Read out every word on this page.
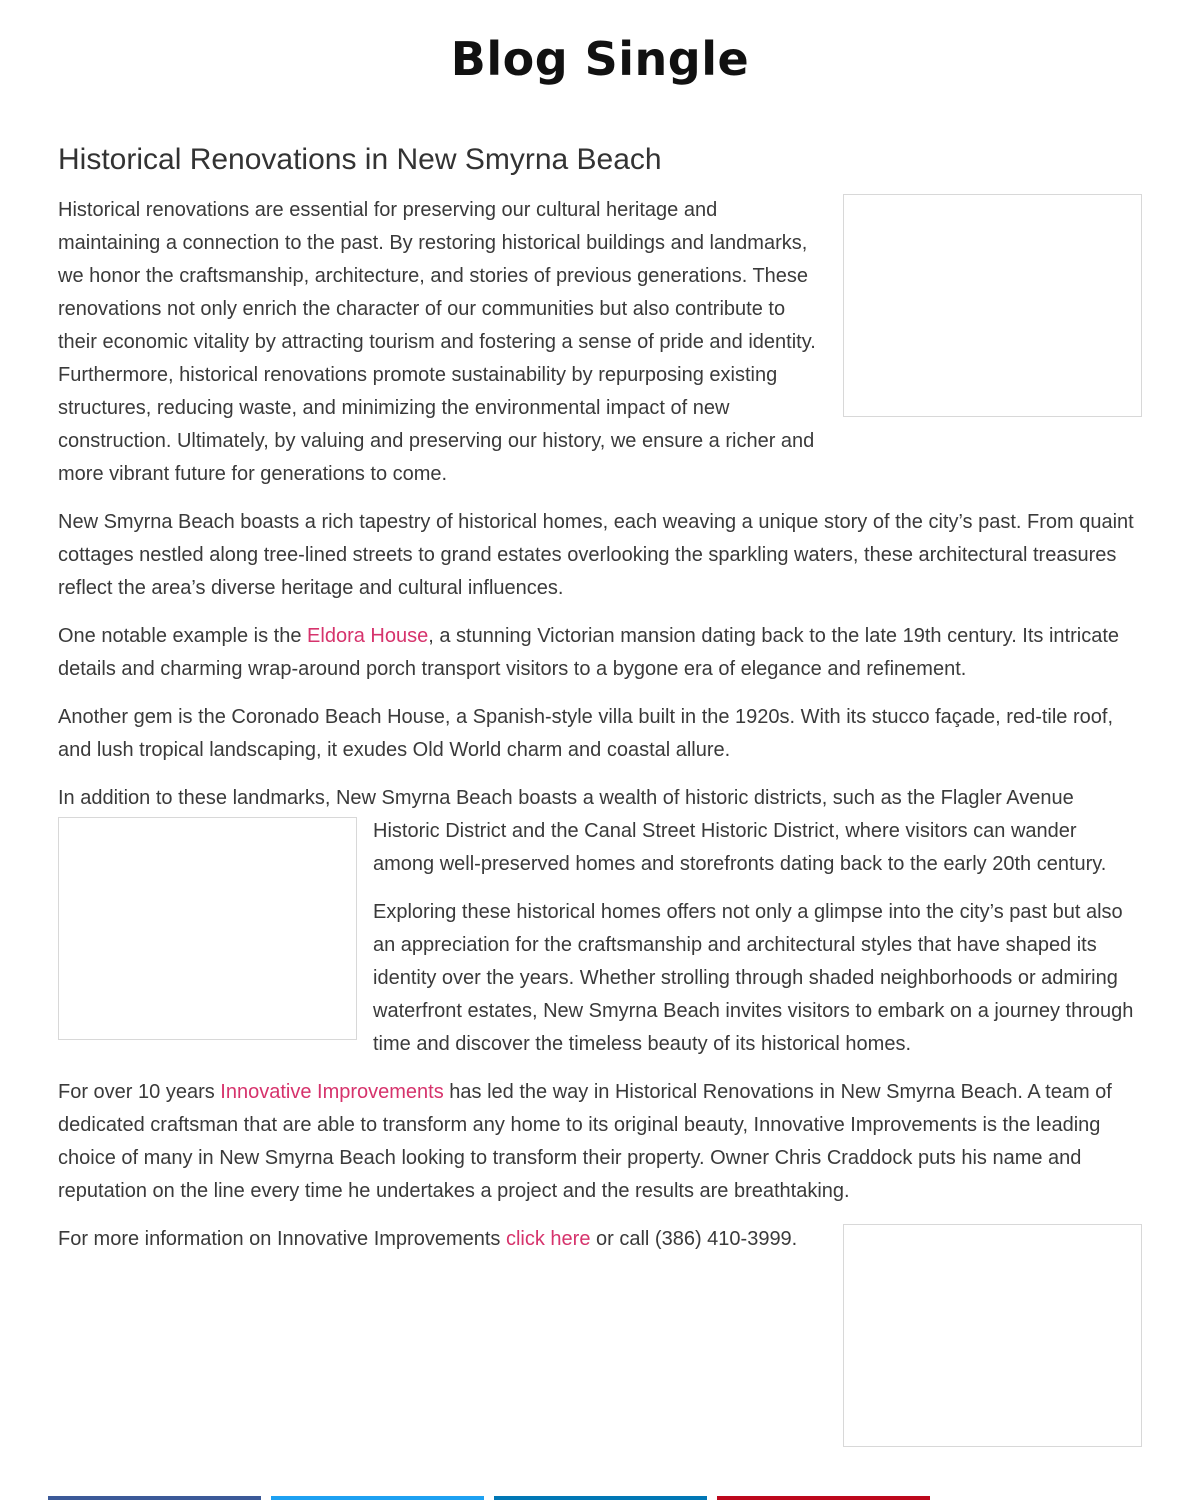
Blog Single
Historical Renovations in New Smyrna Beach

Historical renovations are essential for preserving our cultural heritage and maintaining a connection to the past. By restoring historical buildings and landmarks, we honor the craftsmanship, architecture, and stories of previous generations. These renovations not only enrich the character of our communities but also contribute to their economic vitality by attracting tourism and fostering a sense of pride and identity. Furthermore, historical renovations promote sustainability by repurposing existing structures, reducing waste, and minimizing the environmental impact of new construction. Ultimately, by valuing and preserving our history, we ensure a richer and more vibrant future for generations to come.

New Smyrna Beach boasts a rich tapestry of historical homes, each weaving a unique story of the city’s past. From quaint cottages nestled along tree-lined streets to grand estates overlooking the sparkling waters, these architectural treasures reflect the area’s diverse heritage and cultural influences.

One notable example is the Eldora House, a stunning Victorian mansion dating back to the late 19th century. Its intricate details and charming wrap-around porch transport visitors to a bygone era of elegance and refinement.

Another gem is the Coronado Beach House, a Spanish-style villa built in the 1920s. With its stucco façade, red-tile roof, and lush tropical landscaping, it exudes Old World charm and coastal allure.

In addition to these landmarks, New Smyrna Beach boasts a wealth of historic districts, such as the Flagler Avenue

Historic District and the Canal Street Historic District, where visitors can wander among well-preserved homes and storefronts dating back to the early 20th century.

Exploring these historical homes offers not only a glimpse into the city’s past but also an appreciation for the craftsmanship and architectural styles that have shaped its identity over the years. Whether strolling through shaded neighborhoods or admiring waterfront estates, New Smyrna Beach invites visitors to embark on a journey through time and discover the timeless beauty of its historical homes.

For over 10 years Innovative Improvements has led the way in Historical Renovations in New Smyrna Beach. A team of dedicated craftsman that are able to transform any home to its original beauty, Innovative Improvements is the leading choice of many in New Smyrna Beach looking to transform their property. Owner Chris Craddock puts his name and reputation on the line every time he undertakes a project and the results are breathtaking.

For more information on Innovative Improvements click here or call (386) 410-3999.
